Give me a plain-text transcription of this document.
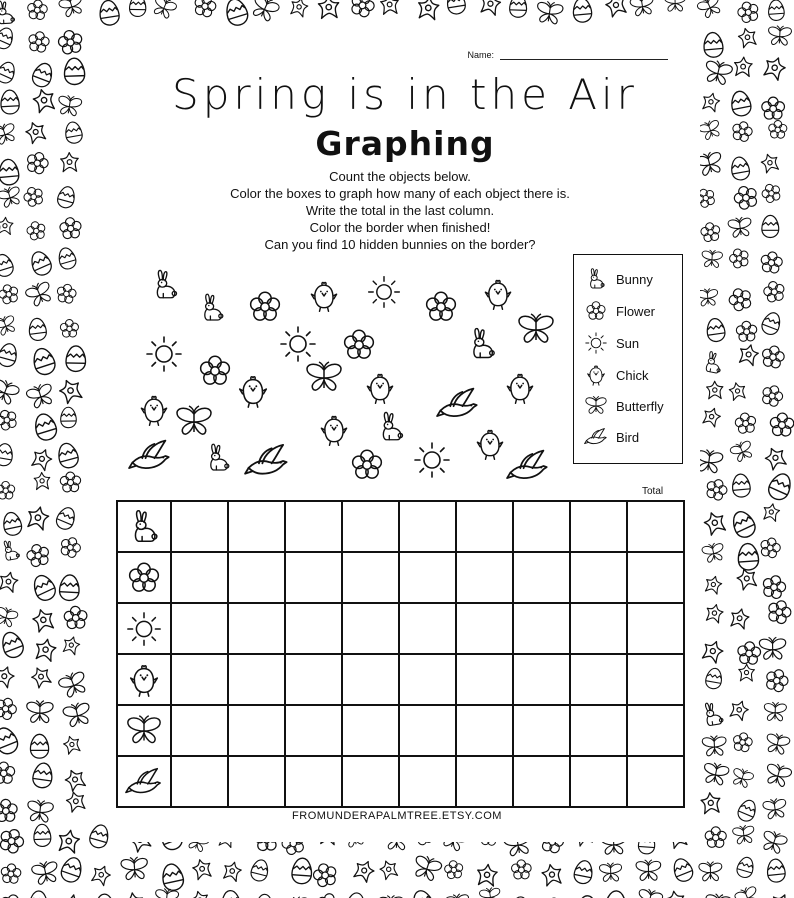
Name:
Spring is in the Air
Graphing
Count the objects below.
Color the boxes to graph how many of each object there is.
Write the total in the last column.
Color the border when finished!
Can you find 10 hidden bunnies on the border?
Bunny
Flower
Sun
Chick
Butterfly
Bird
Total

FROMUNDERAPALMTREE.ETSY.COM
